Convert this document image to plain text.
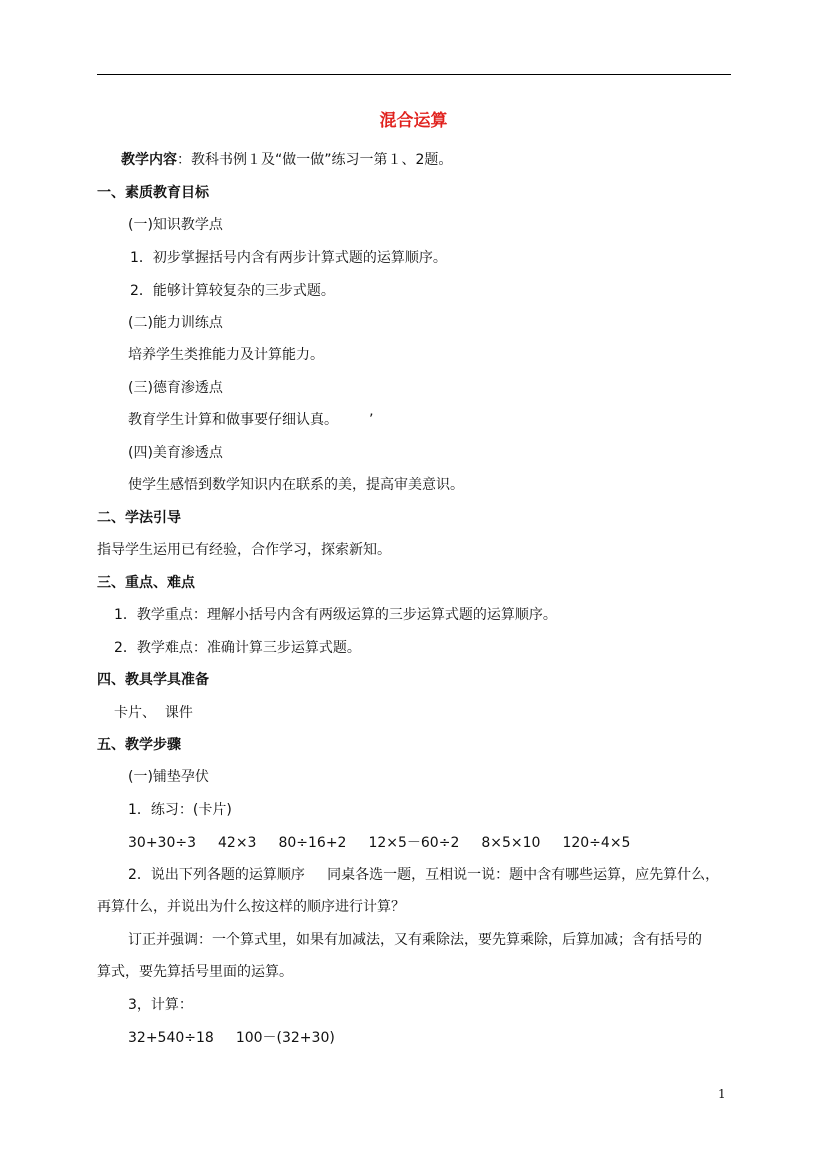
混合运算
教学内容：教科书例１及“做一做”练习一第１、2题。
一、素质教育目标
(一)知识教学点
1．初步掌握括号内含有两步计算式题的运算顺序。
2．能够计算较复杂的三步式题。
(二)能力训练点
培养学生类推能力及计算能力。
(三)德育渗透点
教育学生计算和做事要仔细认真。	’
(四)美育渗透点
使学生感悟到数学知识内在联系的美，提高审美意识。
二、学法引导
指导学生运用已有经验，合作学习，探索新知。
三、重点、难点
1．教学重点：理解小括号内含有两级运算的三步运算式题的运算顺序。
2．教学难点：准确计算三步运算式题。
四、教具学具准备
卡片、  课件
五、教学步骤
(一)铺垫孕伏
1．练习：(卡片)
30+30÷3 42×3 80÷16+2 12×5－60÷2 8×5×10 120÷4×5
2．说出下列各题的运算顺序     同桌各选一题，互相说一说：题中含有哪些运算，应先算什么，
再算什么，并说出为什么按这样的顺序进行计算？
订正并强调：一个算式里，如果有加减法，又有乘除法，要先算乘除，后算加减；含有括号的
算式，要先算括号里面的运算。
3，计算：
32+540÷18 100－(32+30)
1
